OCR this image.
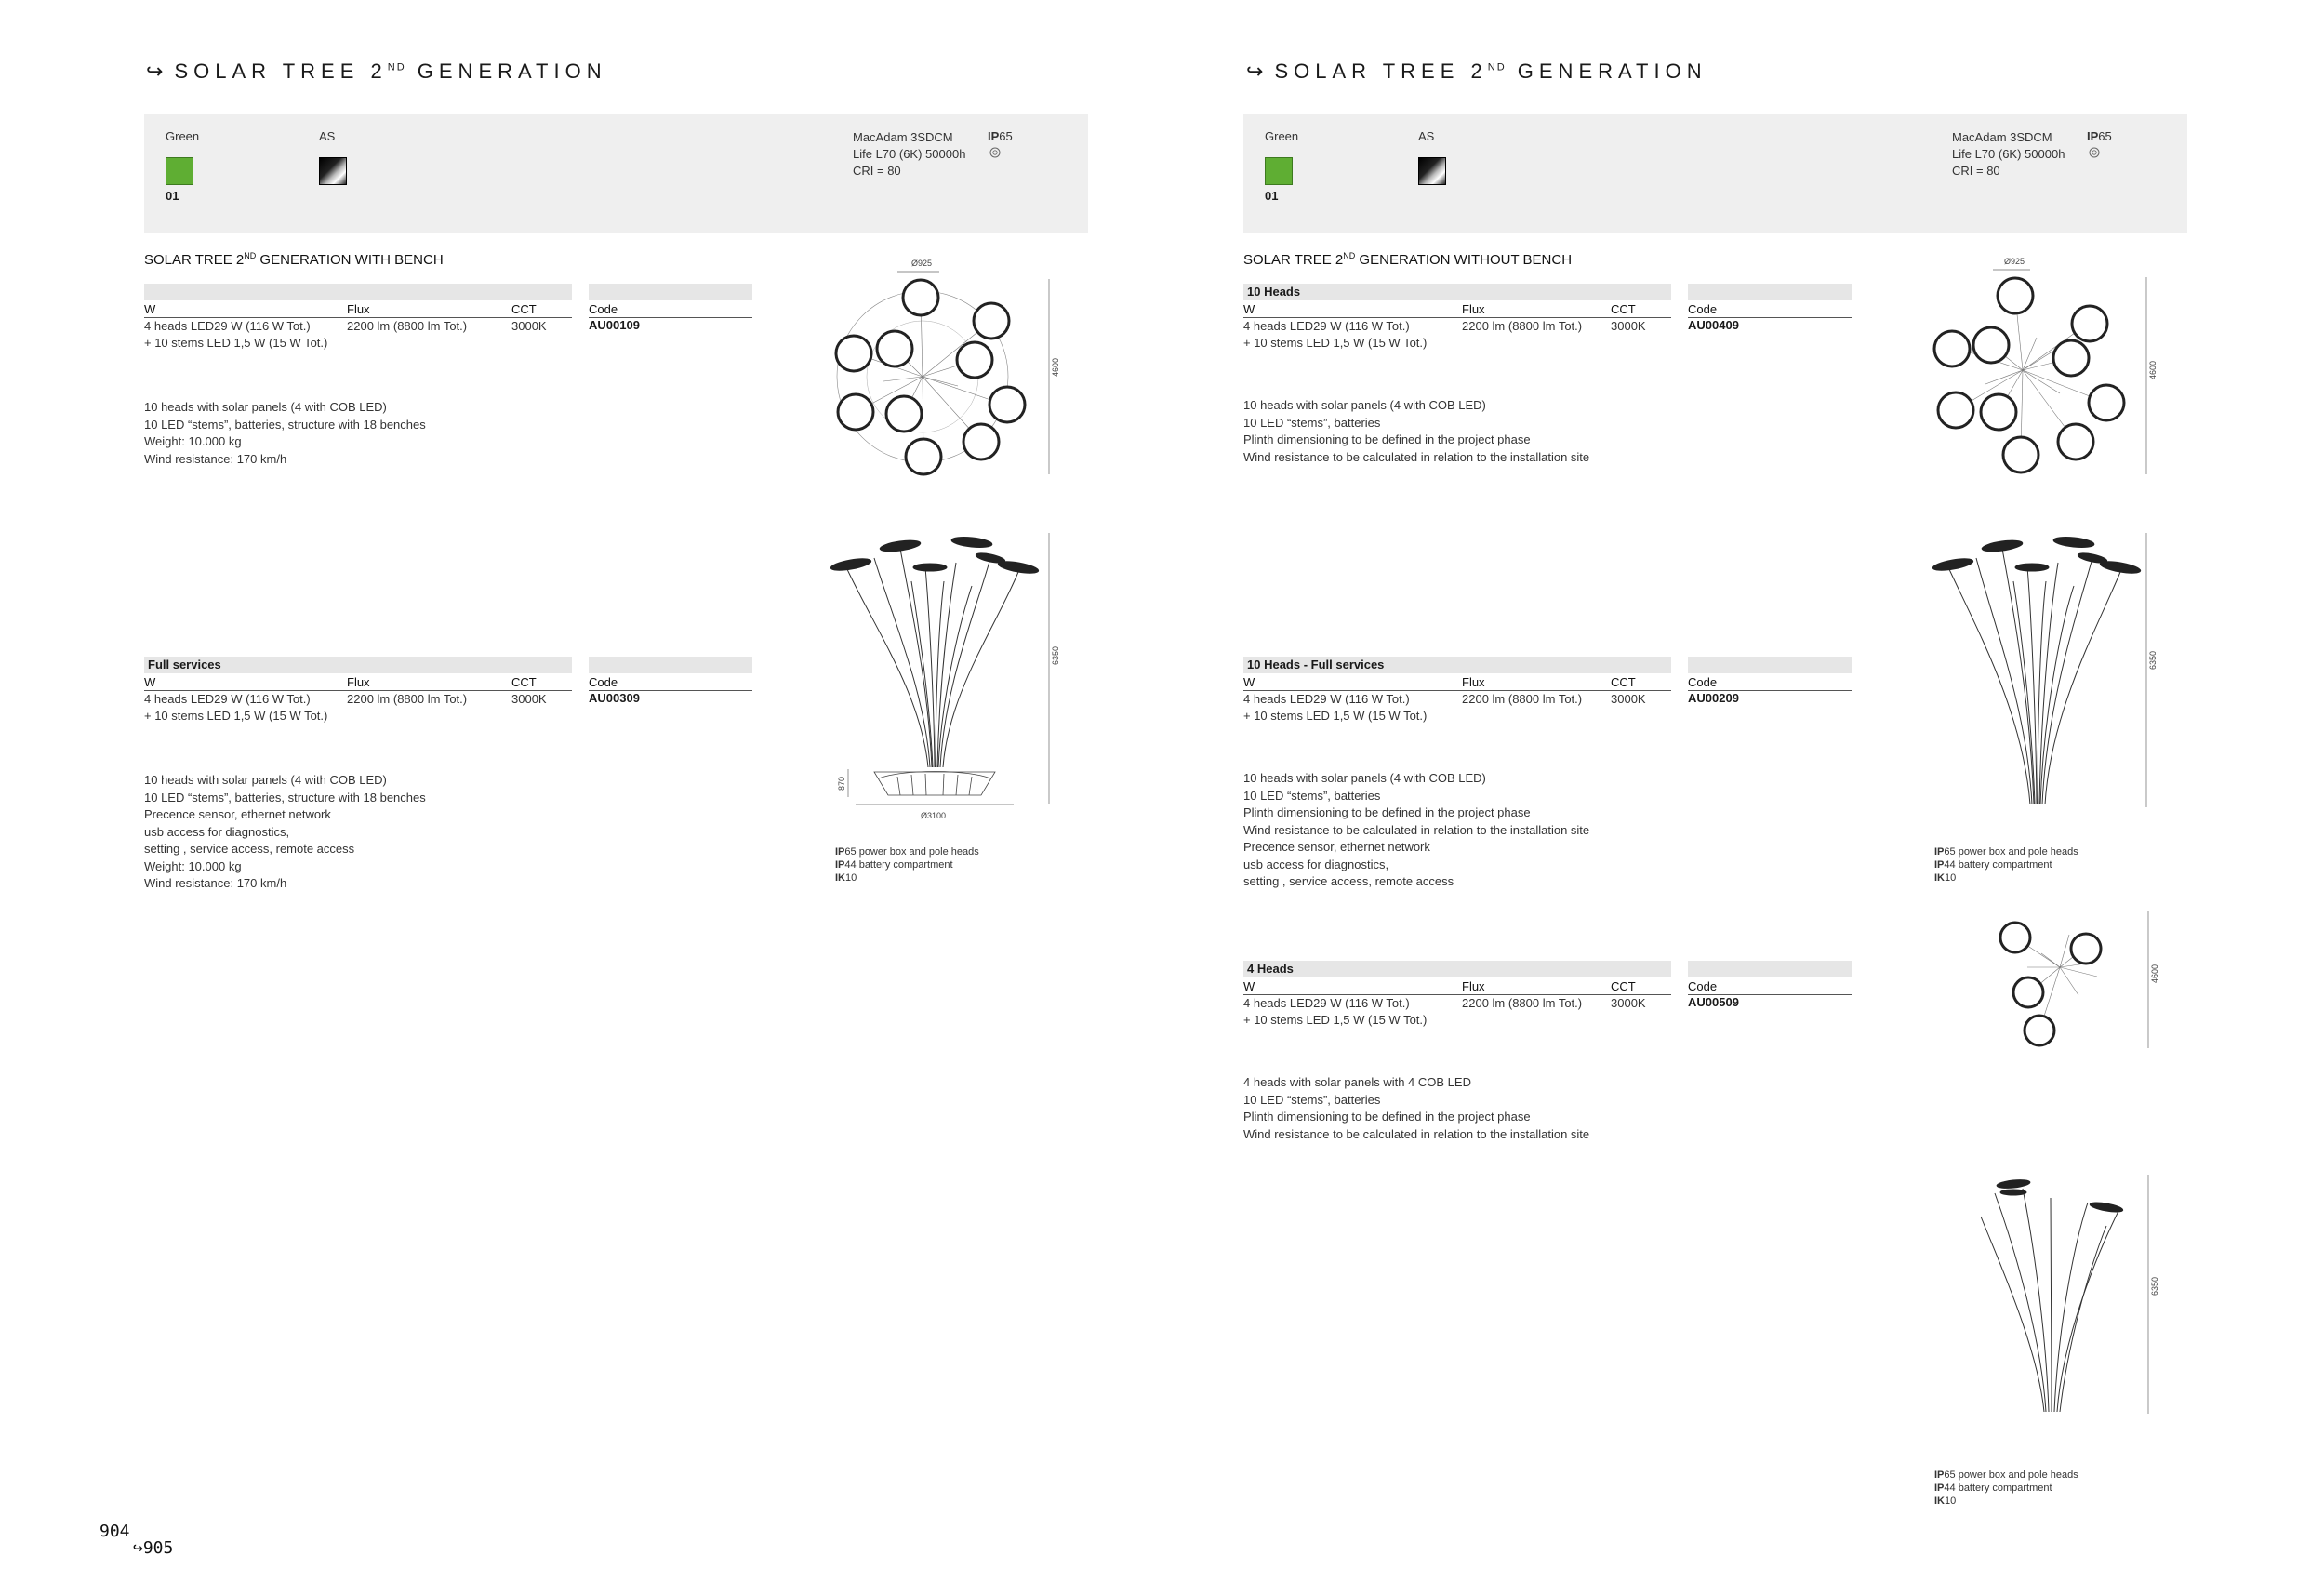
↪ SOLAR TREE 2ND GENERATION	↪ SOLAR TREE 2ND GENERATION
Green
01
AS	MacAdam 3SDCM
Life L70 (6K) 50000h
CRI = 80
IP65	Green
01
AS	MacAdam 3SDCM
Life L70 (6K) 50000h
CRI = 80
IP65
SOLAR TREE 2ND GENERATION WITH BENCH
W	Flux	CCT	Code
4 heads LED29 W (116 W Tot.)
+ 10 stems LED 1,5 W (15 W Tot.)
2200 lm (8800 lm Tot.)	3000K	AU00109
10 heads with solar panels (4 with COB LED)
10 LED “stems”, batteries, structure with 18 benches
Weight: 10.000 kg
Wind resistance: 170 km/h
Full services
W	Flux	CCT	Code
4 heads LED29 W (116 W Tot.)
+ 10 stems LED 1,5 W (15 W Tot.)
2200 lm (8800 lm Tot.)	3000K	AU00309
10 heads with solar panels (4 with COB LED)
10 LED “stems”, batteries, structure with 18 benches
Precence sensor, ethernet network
usb access for diagnostics,
setting , service access, remote access
Weight: 10.000 kg
Wind resistance: 170 km/h
Ø925
4600
Ø3100
870
6350
IP65 power box and pole heads
IP44 battery compartment
IK10
SOLAR TREE 2ND GENERATION WITHOUT BENCH
10 Heads
W	Flux	CCT	Code
4 heads LED29 W (116 W Tot.)
+ 10 stems LED 1,5 W (15 W Tot.)
2200 lm (8800 lm Tot.) 3000K	AU00409
10 heads with solar panels (4 with COB LED)
10 LED “stems”, batteries
Plinth dimensioning to be defined in the project phase
Wind resistance to be calculated in relation to the installation site
10 Heads - Full services
W	Flux	CCT	Code
4 heads LED29 W (116 W Tot.)
+ 10 stems LED 1,5 W (15 W Tot.)
2200 lm (8800 lm Tot.) 3000K	AU00209
10 heads with solar panels (4 with COB LED)
10 LED “stems”, batteries
Plinth dimensioning to be defined in the project phase
Wind resistance to be calculated in relation to the installation site
Precence sensor, ethernet network
usb access for diagnostics,
setting , service access, remote access
4 Heads
W	Flux	CCT	Code
4 heads LED29 W (116 W Tot.)
+ 10 stems LED 1,5 W (15 W Tot.)
2200 lm (8800 lm Tot.) 3000K	AU00509
4 heads with solar panels with 4 COB LED
10 LED “stems”, batteries
Plinth dimensioning to be defined in the project phase
Wind resistance to be calculated in relation to the installation site
Ø925
4600
6350
IP65 power box and pole heads
IP44 battery compartment
IK10
4600
6350
IP65 power box and pole heads
IP44 battery compartment
IK10
904
↪905
